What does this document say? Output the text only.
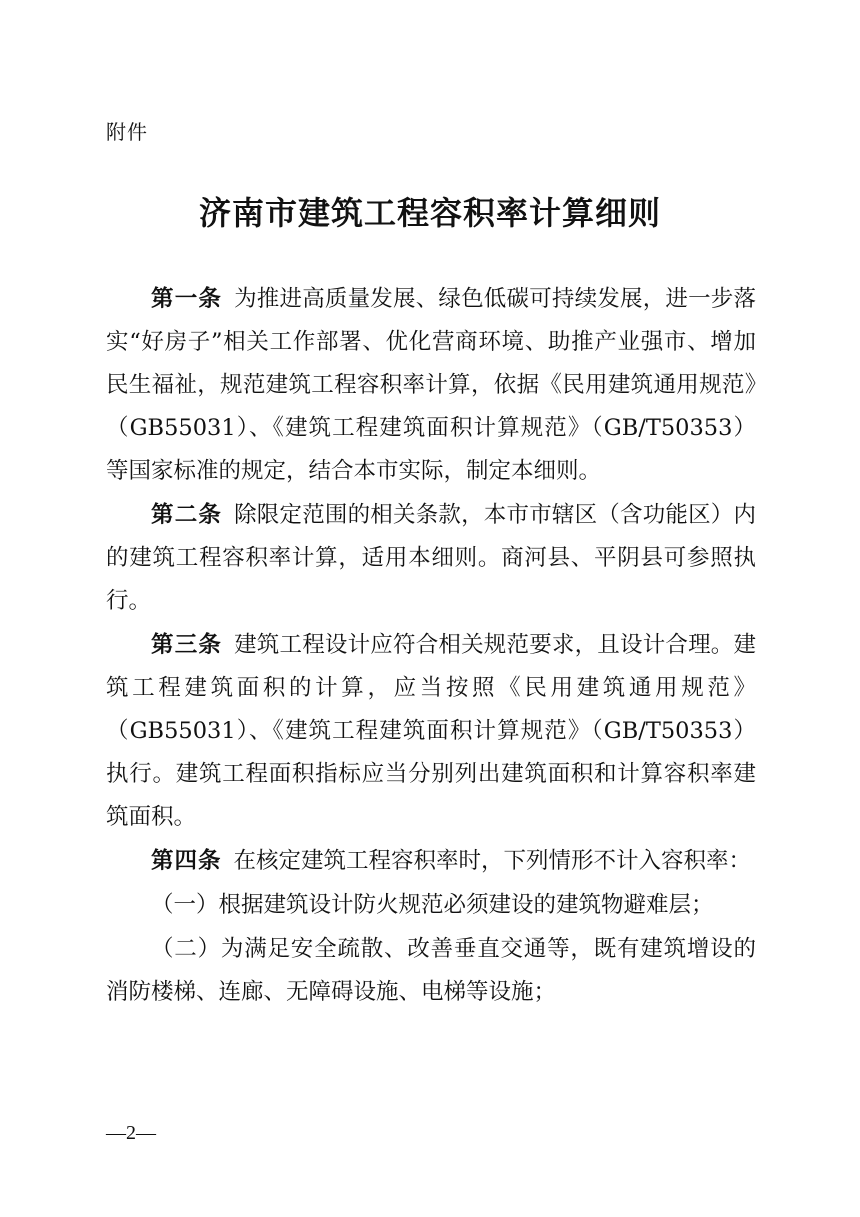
附件
济南市建筑工程容积率计算细则

第一条 为推进高质量发展、绿色低碳可持续发展，进一步落实“好房子”相关工作部署、优化营商环境、助推产业强市、增加民生福祉，规范建筑工程容积率计算，依据《民用建筑通用规范》（GB55031）、《建筑工程建筑面积计算规范》（GB/T50353）等国家标准的规定，结合本市实际，制定本细则。

第二条 除限定范围的相关条款，本市市辖区（含功能区）内的建筑工程容积率计算，适用本细则。商河县、平阴县可参照执行。

第三条 建筑工程设计应符合相关规范要求，且设计合理。建筑工程建筑面积的计算，应当按照《民用建筑通用规范》（GB55031）、《建筑工程建筑面积计算规范》（GB/T50353）执行。建筑工程面积指标应当分别列出建筑面积和计算容积率建筑面积。

第四条 在核定建筑工程容积率时，下列情形不计入容积率：

（一）根据建筑设计防火规范必须建设的建筑物避难层；

（二）为满足安全疏散、改善垂直交通等，既有建筑增设的消防楼梯、连廊、无障碍设施、电梯等设施；

—2—
